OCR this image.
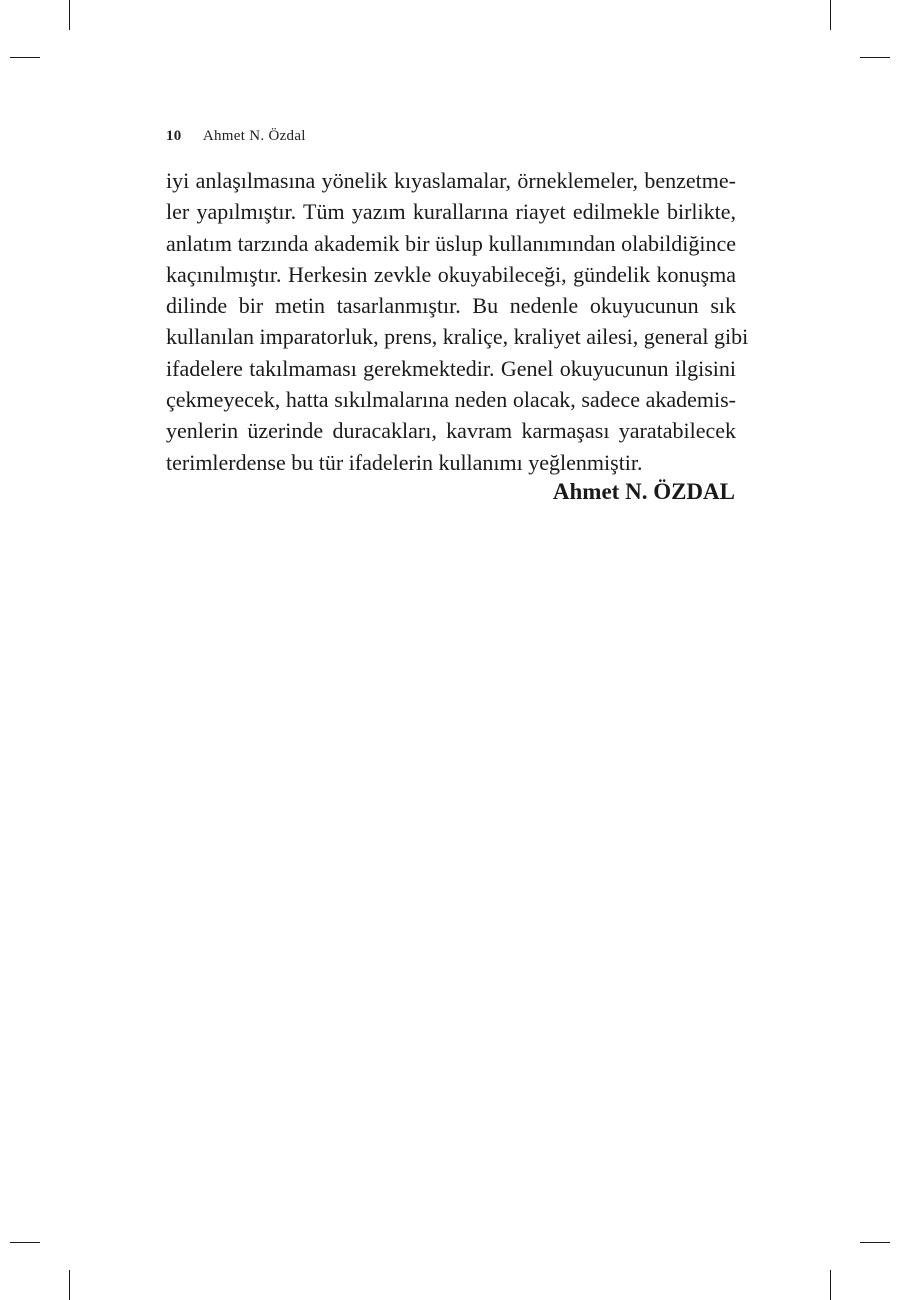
10 Ahmet N. Özdal

iyi anlaşılmasına yönelik kıyaslamalar, örneklemeler, benzetme-
ler yapılmıştır. Tüm yazım kurallarına riayet edilmekle birlikte,
anlatım tarzında akademik bir üslup kullanımından olabildiğince
kaçınılmıştır. Herkesin zevkle okuyabileceği, gündelik konuşma
dilinde bir metin tasarlanmıştır. Bu nedenle okuyucunun sık
kullanılan imparatorluk, prens, kraliçe, kraliyet ailesi, general gibi
ifadelere takılmaması gerekmektedir. Genel okuyucunun ilgisini
çekmeyecek, hatta sıkılmalarına neden olacak, sadece akademis-
yenlerin üzerinde duracakları, kavram karmaşası yaratabilecek
terimlerdense bu tür ifadelerin kullanımı yeğlenmiştir.

Ahmet N. ÖZDAL
